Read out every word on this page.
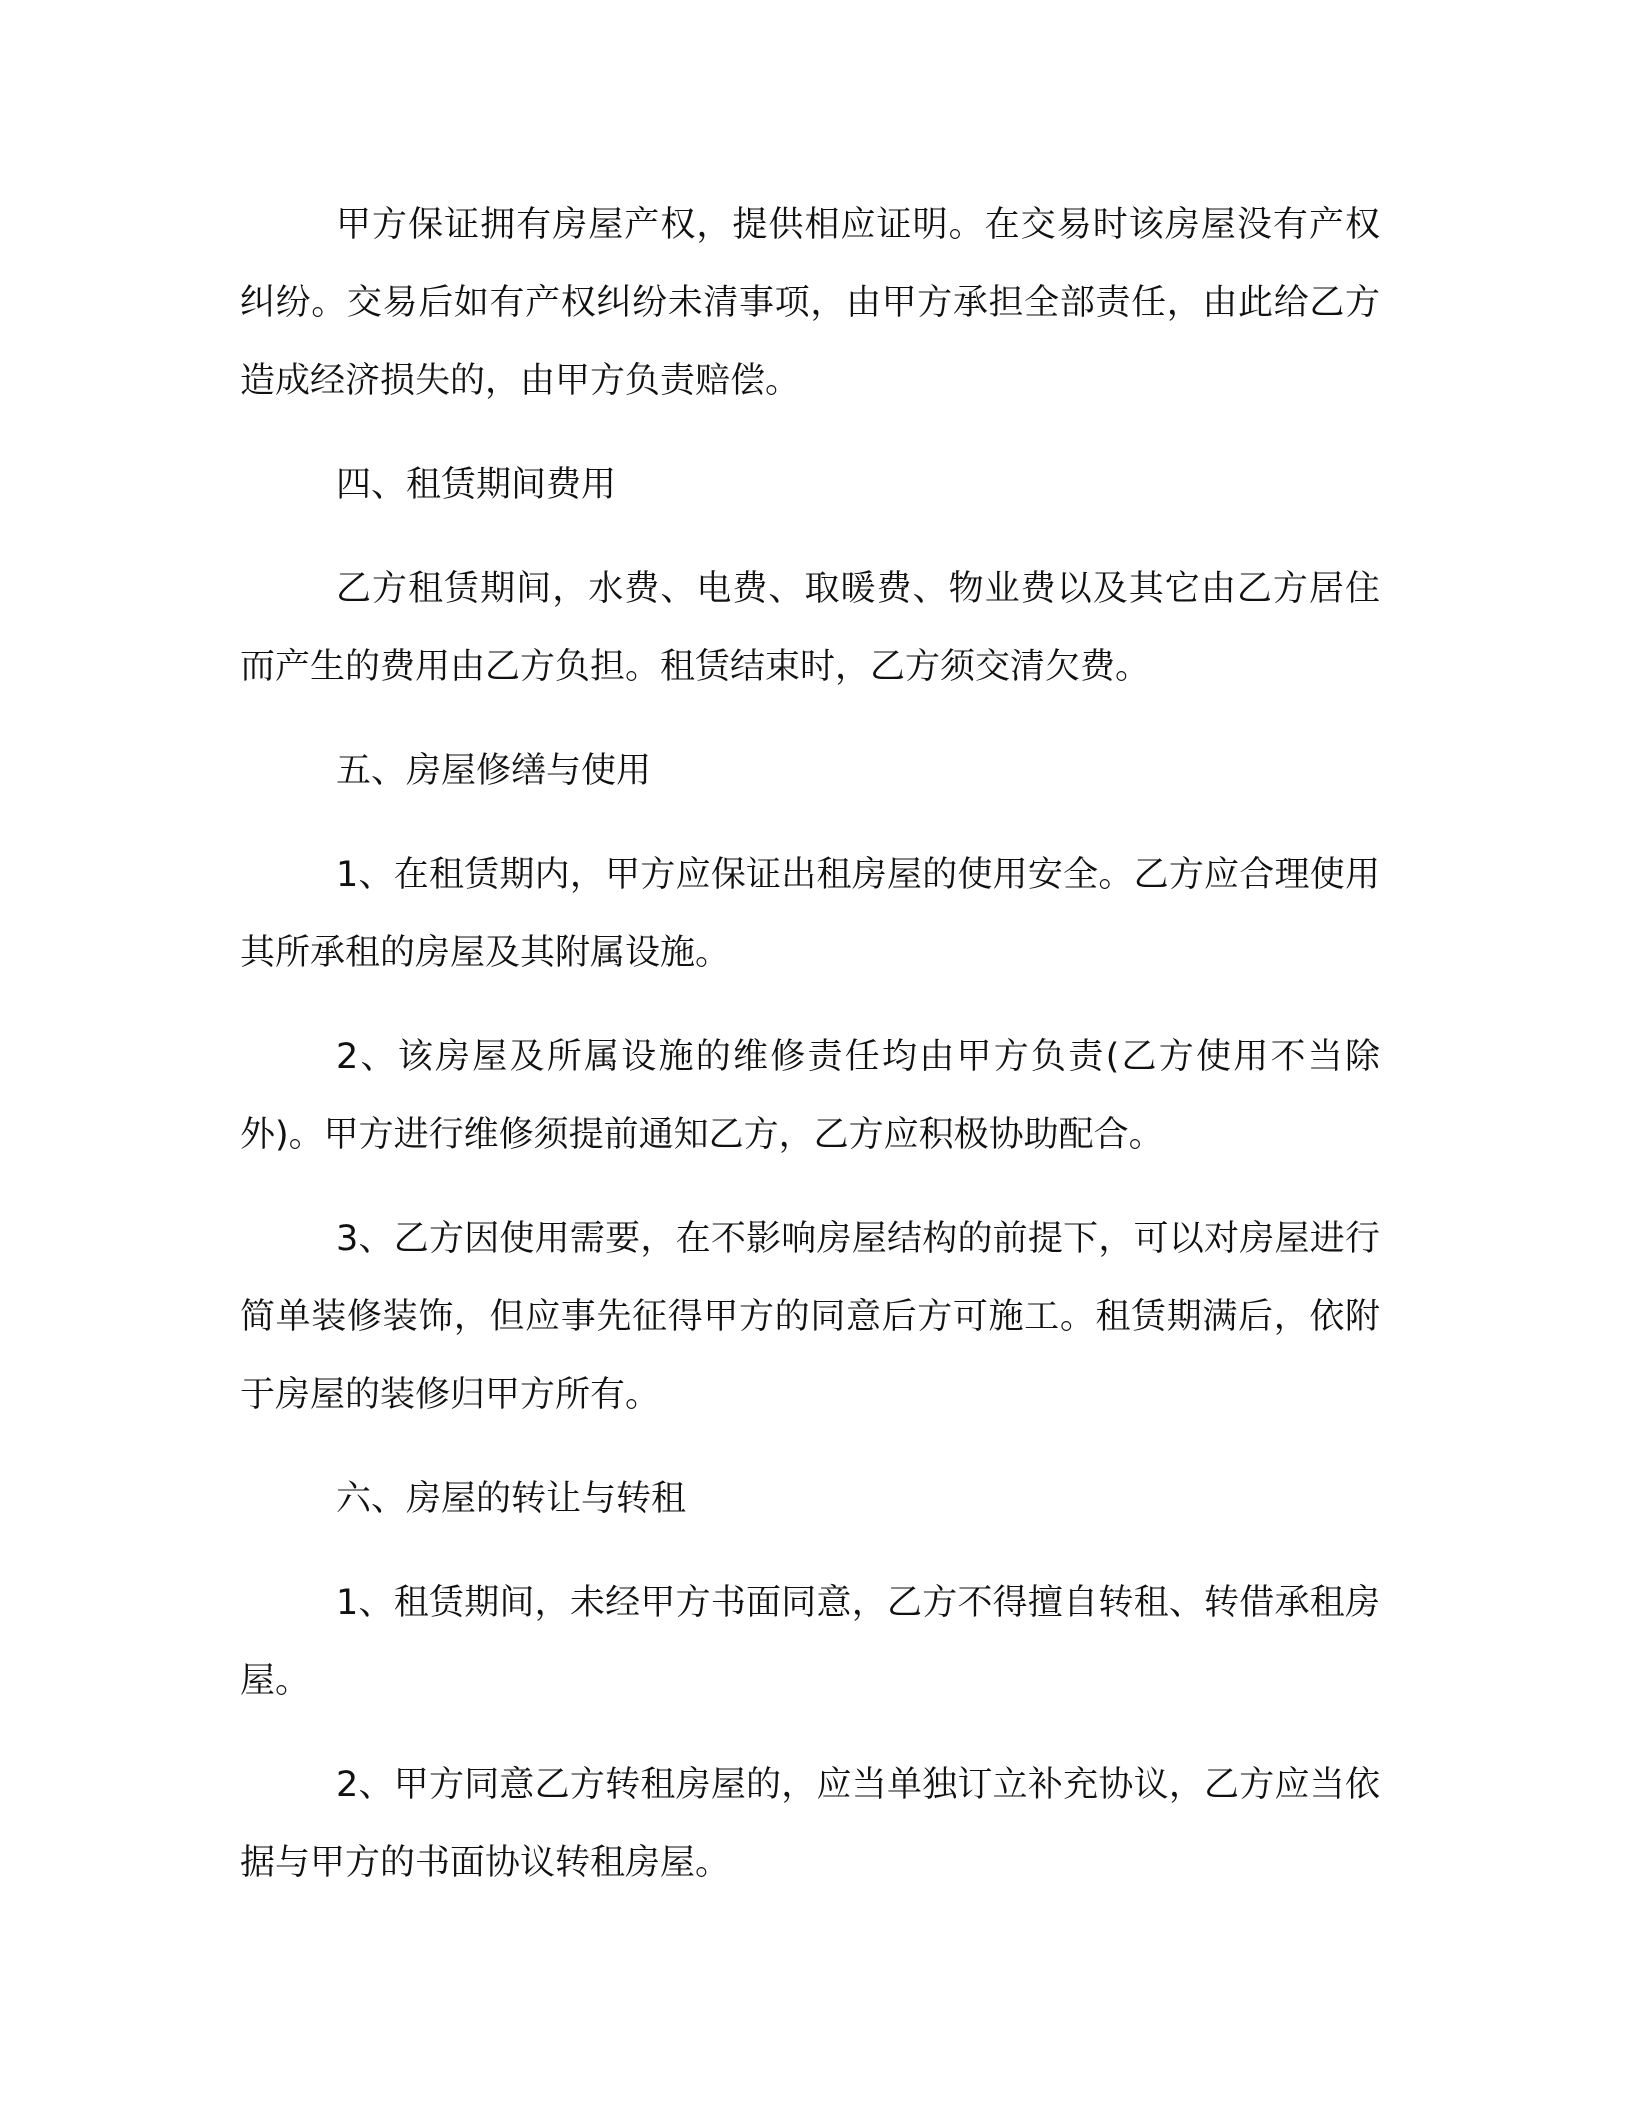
甲方保证拥有房屋产权，提供相应证明。在交易时该房屋没有产权纠纷。交易后如有产权纠纷未清事项，由甲方承担全部责任，由此给乙方造成经济损失的，由甲方负责赔偿。

四、租赁期间费用

乙方租赁期间，水费、电费、取暖费、物业费以及其它由乙方居住而产生的费用由乙方负担。租赁结束时，乙方须交清欠费。

五、房屋修缮与使用

1、在租赁期内，甲方应保证出租房屋的使用安全。乙方应合理使用其所承租的房屋及其附属设施。

2、该房屋及所属设施的维修责任均由甲方负责(乙方使用不当除外)。甲方进行维修须提前通知乙方，乙方应积极协助配合。

3、乙方因使用需要，在不影响房屋结构的前提下，可以对房屋进行简单装修装饰，但应事先征得甲方的同意后方可施工。租赁期满后，依附于房屋的装修归甲方所有。

六、房屋的转让与转租

1、租赁期间，未经甲方书面同意，乙方不得擅自转租、转借承租房屋。

2、甲方同意乙方转租房屋的，应当单独订立补充协议，乙方应当依据与甲方的书面协议转租房屋。
